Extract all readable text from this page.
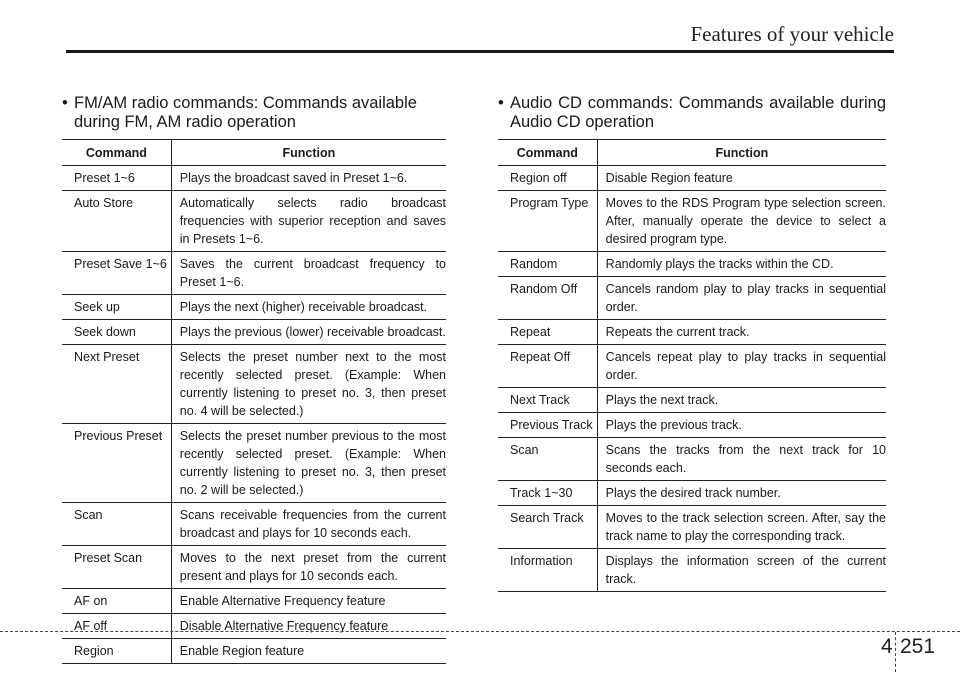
Features of your vehicle

• FM/AM radio commands: Commands available during FM, AM radio operation

Command	Function
Preset 1~6	Plays the broadcast saved in Preset 1~6.
Auto Store	Automatically selects radio broadcast frequencies with superior reception and saves in Presets 1~6.
Preset Save 1~6	Saves the current broadcast frequency to Preset 1~6.
Seek up	Plays the next (higher) receivable broadcast.
Seek down	Plays the previous (lower) receivable broadcast.
Next Preset	Selects the preset number next to the most recently selected preset. (Example: When currently listening to preset no. 3, then preset no. 4 will be selected.)
Previous Preset	Selects the preset number previous to the most recently selected preset. (Example: When currently listening to preset no. 3, then preset no. 2 will be selected.)
Scan	Scans receivable frequencies from the current broadcast and plays for 10 seconds each.
Preset Scan	Moves to the next preset from the current present and plays for 10 seconds each.
AF on	Enable Alternative Frequency feature
AF off	Disable Alternative Frequency feature
Region	Enable Region feature

• Audio CD commands: Commands available during Audio CD operation

Command	Function
Region off	Disable Region feature
Program Type	Moves to the RDS Program type selection screen. After, manually operate the device to select a desired program type.
Random	Randomly plays the tracks within the CD.
Random Off	Cancels random play to play tracks in sequential order.
Repeat	Repeats the current track.
Repeat Off	Cancels repeat play to play tracks in sequential order.
Next Track	Plays the next track.
Previous Track	Plays the previous track.
Scan	Scans the tracks from the next track for 10 seconds each.
Track 1~30	Plays the desired track number.
Search Track	Moves to the track selection screen. After, say the track name to play the corresponding track.
Information	Displays the information screen of the current track.
4 251
